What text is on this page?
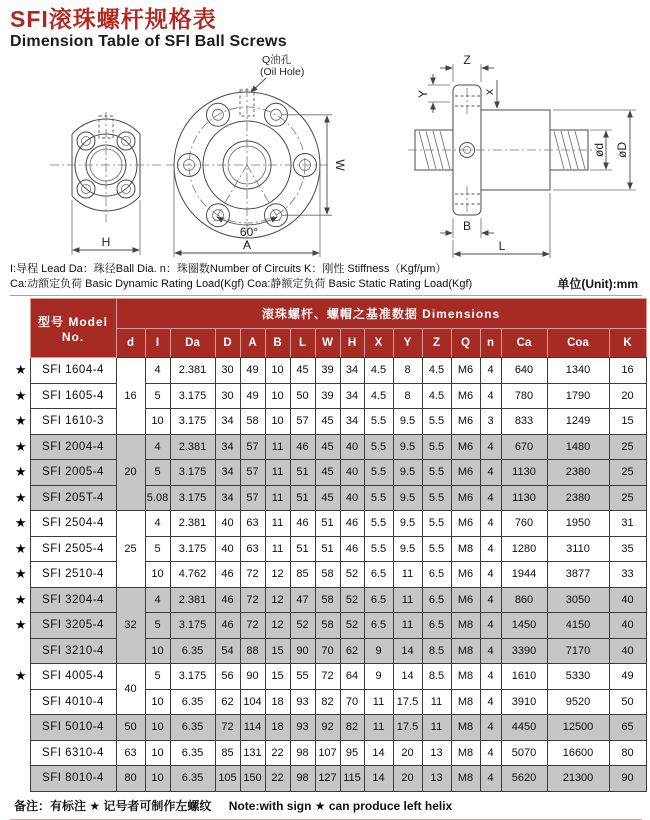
SFI滚珠螺杆规格表
Dimension Table of SFI Ball Screws
H
Q油孔
(Oil Hole)
W
60°
A
Z
x
Y
ød øD
B
L
I:导程 Lead Da：珠径Ball Dia. n：珠圈数Number of Circuits K：刚性 Stiffness（Kgf/μm）
Ca:动额定负荷 Basic Dynamic Rating Load(Kgf) Coa:静额定负荷 Basic Static Rating Load(Kgf)	单位(Unit):mm
	型号 Model No.	滚珠螺杆、螺帽之基准数据 Dimensions																
		d	I	Da	D	A	B	L	W	H	X	Y	Z	Q	n	Ca	Coa	K
★	SFI 1604-4	16	4	2.381	30	49	10	45	39	34	4.5	8	4.5	M6	4	640	1340	16
★	SFI 1605-4		5	3.175	30	49	10	50	39	34	4.5	8	4.5	M6	4	780	1790	20
★	SFI 1610-3		10	3.175	34	58	10	57	45	34	5.5	9.5	5.5	M6	3	833	1249	15
★	SFI 2004-4	20	4	2.381	34	57	11	46	45	40	5.5	9.5	5.5	M6	4	670	1480	25
★	SFI 2005-4		5	3.175	34	57	11	51	45	40	5.5	9.5	5.5	M6	4	1130	2380	25
★	SFI 205T-4		5.08	3.175	34	57	11	51	45	40	5.5	9.5	5.5	M6	4	1130	2380	25
★	SFI 2504-4	25	4	2.381	40	63	11	46	51	46	5.5	9.5	5.5	M6	4	760	1950	31
★	SFI 2505-4		5	3.175	40	63	11	51	51	46	5.5	9.5	5.5	M8	4	1280	3110	35
★	SFI 2510-4		10	4.762	46	72	12	85	58	52	6.5	11	6.5	M6	4	1944	3877	33
★	SFI 3204-4	32	4	2.381	46	72	12	47	58	52	6.5	11	6.5	M6	4	860	3050	40
★	SFI 3205-4		5	3.175	46	72	12	52	58	52	6.5	11	6.5	M8	4	1450	4150	40
	SFI 3210-4		10	6.35	54	88	15	90	70	62	9	14	8.5	M8	4	3390	7170	40
★	SFI 4005-4	40	5	3.175	56	90	15	55	72	64	9	14	8.5	M8	4	1610	5330	49
	SFI 4010-4		10	6.35	62	104	18	93	82	70	11	17.5	11	M8	4	3910	9520	50
	SFI 5010-4	50	10	6.35	72	114	18	93	92	82	11	17.5	11	M8	4	4450	12500	65
	SFI 6310-4	63	10	6.35	85	131	22	98	107	95	14	20	13	M8	4	5070	16600	80
	SFI 8010-4	80	10	6.35	105	150	22	98	127	115	14	20	13	M8	4	5620	21300	90
备注：有标注 ★ 记号者可制作左螺纹 Note:with sign ★ can produce left helix
